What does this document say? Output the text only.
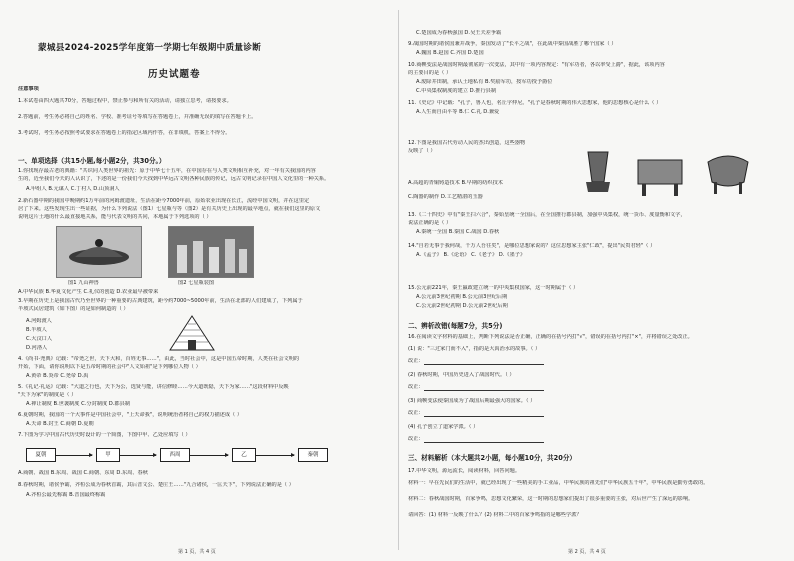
蒙城县2024-2025学年度第一学期七年级期中质量诊断
历史试题卷
注意事项
1.本试卷由四大题共70分，答题过程中，禁止参与和所有关的活动，请独立思考，请按要求。
2.答题前，考生务必将自己的姓名、学校、准考证号等填写在答题卷上，并准确无误的填写在答题卡上。
3.考试时，考生务必按照考试要求在答题卷上的指定区域内作答，在非填机，答案上不得分。
一、单项选择（共15小题,每小题2分，共30分。）
1.你找现存最古老的典籍："共识同人类世界的祖先：原于中华七十五年，在中国存在与人类文明相互补充，对一年有关我国的内容
生的，近至我们今天的人认识了，下述的是一份我们今天找到中华远古文明各种民族的传记，远古文明记录在中国人文化里的一种关系。
A.甲组人 B.元谋人 C.丁村人 D.山顶洞人
2.新石器中期的我国中晚期约1万年前的河姆渡遗址，生活在距今7000年前，原始农业出现在长江，流经中国文明，并在这里定
居了下来。这些发现生出一些证据，为什么下列说法（图1）七星瓶与等（图2）是有关历史上出现的最早地点，就在我们这里的原文
说明这片土地的什么最直接地关系，能与代表文明的共同，本地属于下列选项的（ ）
图1 九山神兽	图2 七星瓶装图
A.中华民族 B.华夏文化产生 C.礼仪的创造 D.农业最早被带来
3.早期在历史上是我国古代乃至世界的一种重要的古典建筑，距今约7000~5000年前，生活在北部的人们建成了，下列属于
半坡式民居建筑（如下图）的是如何制造的（ ）
A.河姆渡人
B.半坡人
C.大汶口人
D.河洛人
4.《尚书·尧典》记载："帝尧之世，天下大和，百姓无事……"，由此，当时社会中，这是中国五帝时期，人类在社会文明的
开始，下面，请你说明以下是五帝时期的社会中"人文始祖"是下列哪位人物（ ）
A.黄帝 B.炎帝 C.尧帝 D.禹
5.《礼记·礼运》记载："大道之行也，天下为公，选贤与能，讲信修睦……今大道既隐，天下为家……"这段材料中反映
"天下为家"的制度是（ ）
A.禅让制度 B.世袭制度 C.分封制度 D.郡县制
6.夏朝时期，我国的一个大事件是中国社会中，"上天命我"，说明统治者将自己的权力描述成（ ）
A.天命 B.封王 C.商朝 D.夏朝
7.下图为学习中国古代历史时设计的一个简图，下图中甲、乙处应填写（ ）
夏朝	甲	西周	乙	秦朝
A.商朝、战国 B.东周、战国 C.商朝、东周 D.东周、春秋
8.春秋时期，诸侯争霸，齐桓公成为春秋首霸，其后晋文公、楚庄王……"九合诸侯，一匡天下"，下列说法正确的是（ ）
A.齐桓公最先称霸 B.晋国最终称霸
第 1 页，共 4 页
C.楚国成为春秋强国 D.吴王夫差争霸
9.战国时期的诸侯国兼并战争，秦国发动了"长平之战"，在此战中秦国战胜了哪个国家（ ）
A.魏国 B.赵国 C.齐国 D.楚国
10.商鞅变法是战国时期最彻底的一次变法，其中有一项内容规定："有军功者，各以率受上爵"，据此，该项内容
的主要目的是（ ）
A.废除井田制，承认土地私有 B.奖励军功，按军功授予爵位
C.中央集权制度的建立 D.推行县制
11.《史记》中记载："孔子，鲁人也，名丘字仲尼。"孔子是春秋时期的伟大思想家，他的思想核心是什么（ ）
A.人生而自由平等 B.仁 C.礼 D.兼爱
12.下图是我国古代劳动人民的杰出创造，这些器物
反映了（ ）
A.高超的青铜铸造技术 B.早期的纺织技术
C.陶器的制作 D.工艺精湛的玉器
13.《二十四史》中有"秦王扫六合"，秦始皇统一全国后，在全国推行郡县制，加强中央集权，统一货币、度量衡和文字，
说法正确的是（ ）
A.秦统一全国 B.秦国 C.战国 D.春秋
14."自若无事于我何哉，千万人吾往矣"，是哪位思想家说的？这位思想家主张"仁政"，提出"民贵君轻"（ ）
A.《孟子》 B.《论语》 C.《老子》 D.《墨子》
15.公元前221年，秦王嬴政建立统一的中央集权国家，这一时期属于（ ）
A.公元前3世纪初期 B.公元前3世纪后期
C.公元前2世纪初期 D.公元前2世纪后期
二、辨析改错(每题7分，共5分)
16.在阅读文字材料的基础上，判断下列说法是否正确，正确的在括号内打"√"，错误的在括号内打"×"，并将错误之处改正。
(1) 说："三过家门而不入"，指的是大禹治水的故事。（ ）
改正：
(2) 春秋时期，中国历史进入了战国时代。（ ）
改正：
(3) 商鞅变法使秦国成为了战国后期最强大的国家。（ ）
改正：
(4) 孔子创立了道家学派。（ ）
改正：
三、材料解析（本大题共2小题，每小题10分，共20分）
17.中华文明，源远流长，阅读材料，回答问题。
材料一：早在先民们的生活中，就已经出现了一些精美的手工业品，中华民族的祖先们"中华民族五千年"，中华民族是勤劳勇敢的。
材料二：春秋战国时期，百家争鸣，思想文化繁荣，这一时期的思想家们提出了很多重要的主张，对后世产生了深远的影响。
请回答：(1) 材料一反映了什么？(2) 材料二中的百家争鸣指的是哪些学派？
第 2 页，共 4 页
